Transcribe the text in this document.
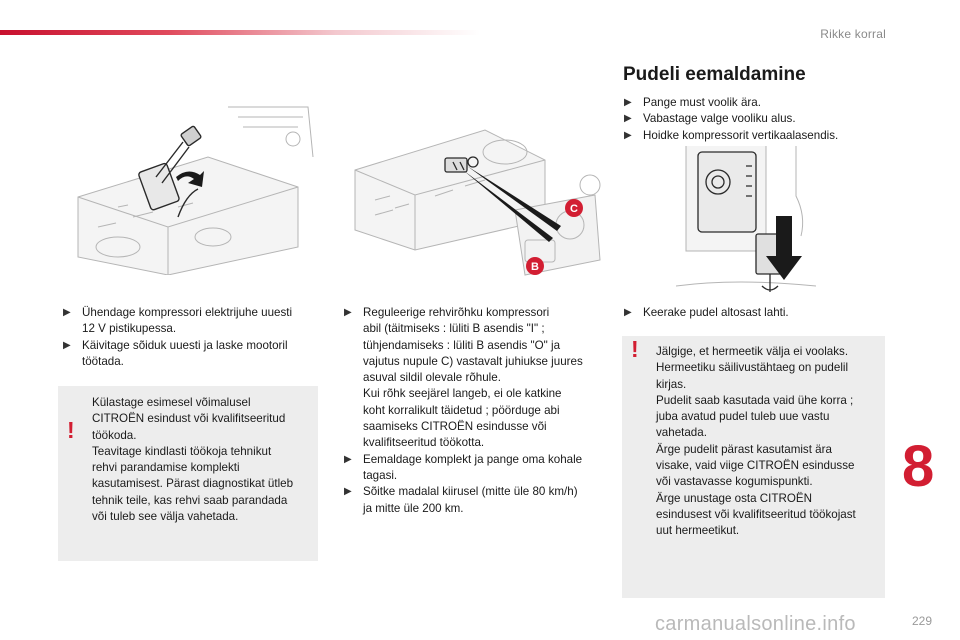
Rikke korral
C
B
Pudeli eemaldamine
▶ Pange must voolik ära.
▶ Vabastage valge vooliku alus.
▶ Hoidke kompressorit vertikaalasendis.
▶ Ühendage kompressori elektrijuhe uuesti
12 V pistikupessa.
▶ Käivitage sõiduk uuesti ja laske mootoril
töötada.
▶ Reguleerige rehvirõhku kompressori
abil (täitmiseks : lüliti B asendis "I" ;
tühjendamiseks : lüliti B asendis "O" ja
vajutus nupule C) vastavalt juhiukse juures
asuval sildil olevale rõhule.
Kui rõhk seejärel langeb, ei ole katkine
koht korralikult täidetud ; pöörduge abi
saamiseks CITROËN esindusse või
kvalifitseeritud töökotta.
▶ Eemaldage komplekt ja pange oma kohale
tagasi.
▶ Sõitke madalal kiirusel (mitte üle 80 km/h)
ja mitte üle 200 km.
▶ Keerake pudel altosast lahti.
!

Külastage esimesel võimalusel
CITROËN esindust või kvalifitseeritud
töökoda.
Teavitage kindlasti töökoja tehnikut
rehvi parandamise komplekti
kasutamisest. Pärast diagnostikat ütleb
tehnik teile, kas rehvi saab parandada
või tuleb see välja vahetada.

! Jälgige, et hermeetik välja ei voolaks.
Hermeetiku säilivustähtaeg on pudelil
kirjas.
Pudelit saab kasutada vaid ühe korra ;
juba avatud pudel tuleb uue vastu
vahetada.
Ärge pudelit pärast kasutamist ära
visake, vaid viige CITROËN esindusse
või vastavasse kogumispunkti.
Ärge unustage osta CITROËN
esindusest või kvalifitseeritud töökojast
uut hermeetikut.

8
carmanualsonline.info	229
